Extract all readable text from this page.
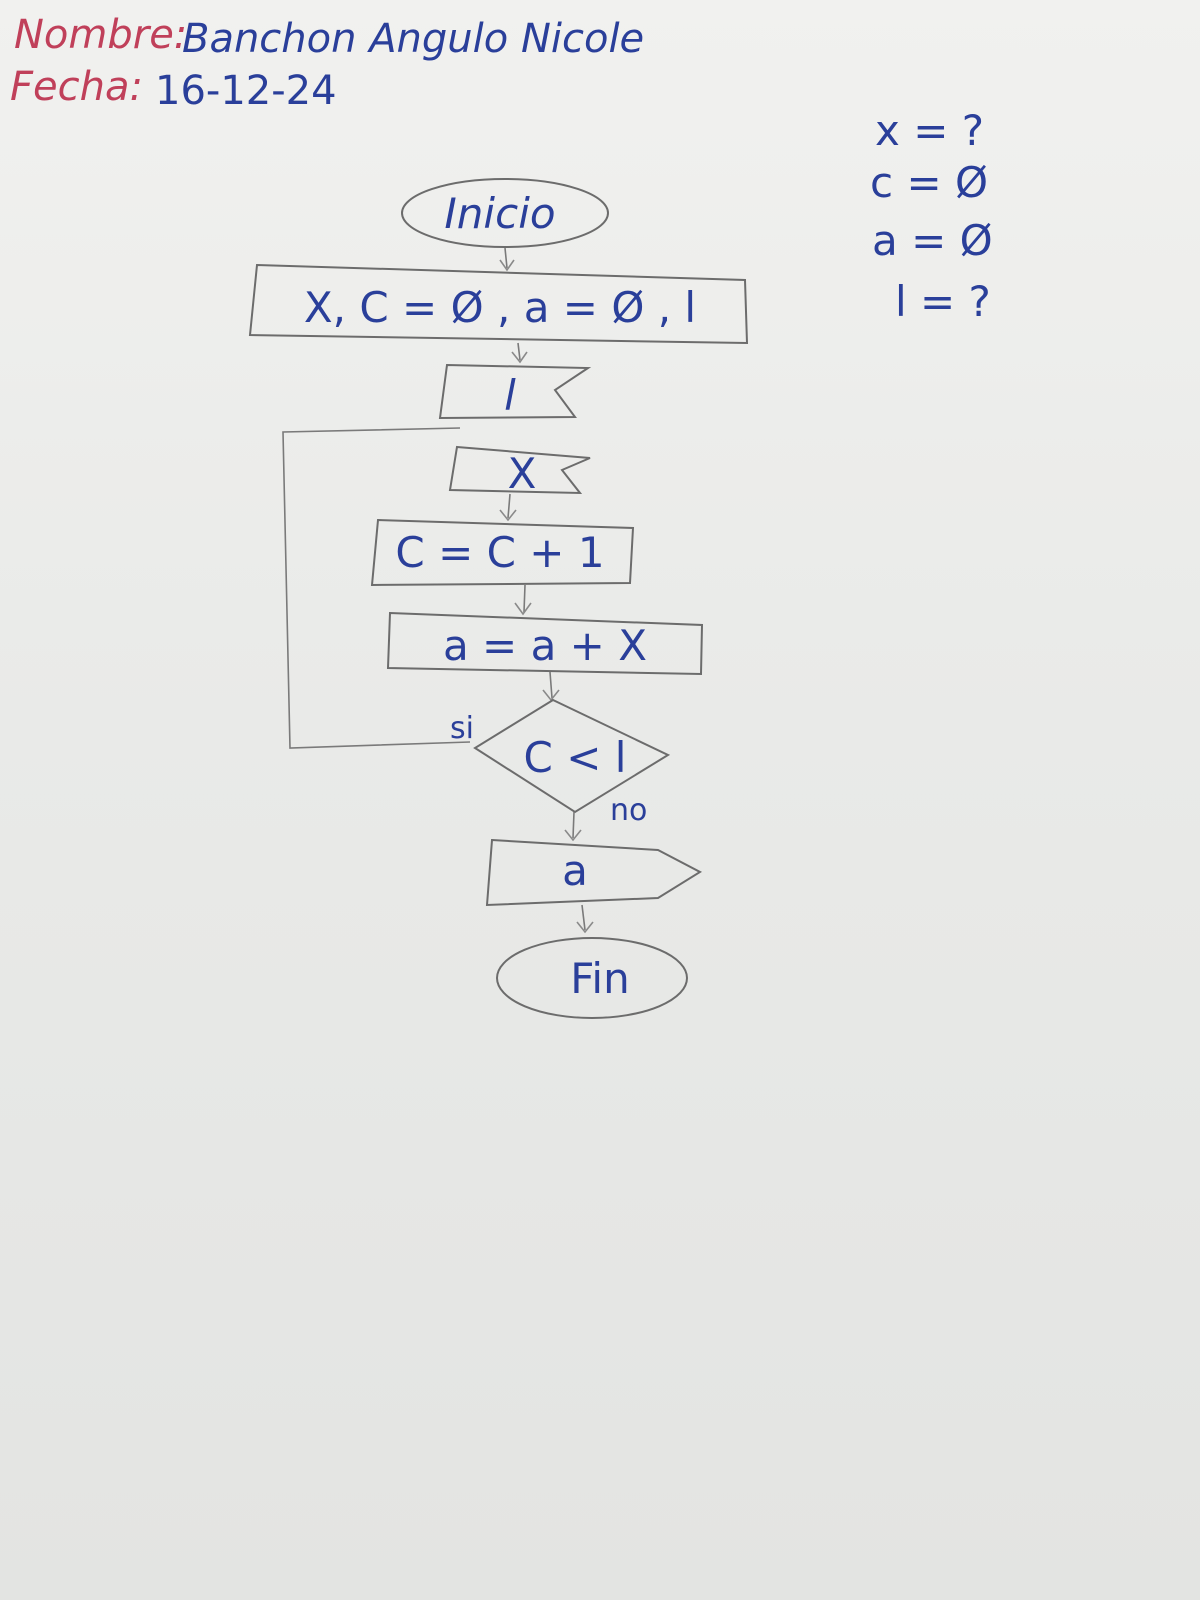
Nombre:
Banchon Angulo Nicole
Fecha: 16-12-24
x = ?
c = Ø
a = Ø
l = ?
Inicio
X, C = Ø , a = Ø , l
l
X
C = C + 1
a = a + X
C < l
si
no
a
Fin
